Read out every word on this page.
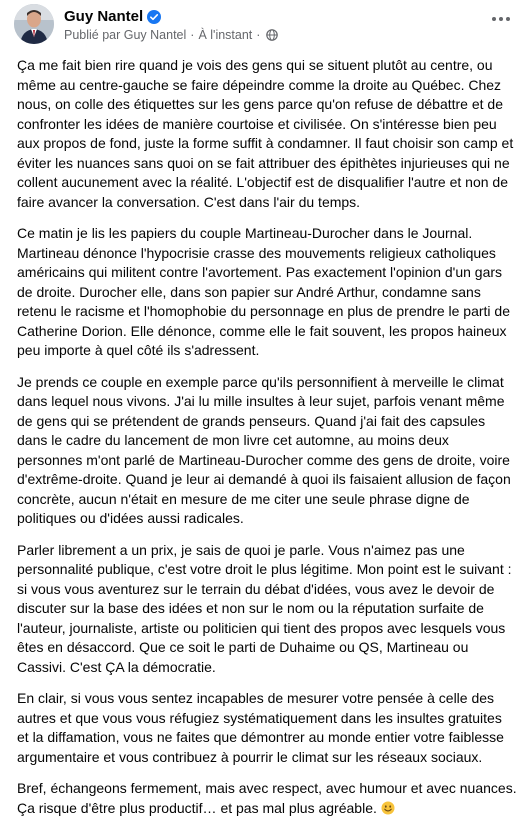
Guy Nantel
Publié par Guy Nantel · À l'instant ·

Ça me fait bien rire quand je vois des gens qui se situent plutôt au centre, ou même au centre-gauche se faire dépeindre comme la droite au Québec. Chez nous, on colle des étiquettes sur les gens parce qu'on refuse de débattre et de confronter les idées de manière courtoise et civilisée. On s'intéresse bien peu aux propos de fond, juste la forme suffit à condamner. Il faut choisir son camp et éviter les nuances sans quoi on se fait attribuer des épithètes injurieuses qui ne collent aucunement avec la réalité. L'objectif est de disqualifier l'autre et non de faire avancer la conversation. C'est dans l'air du temps.

Ce matin je lis les papiers du couple Martineau-Durocher dans le Journal. Martineau dénonce l'hypocrisie crasse des mouvements religieux catholiques américains qui militent contre l'avortement. Pas exactement l'opinion d'un gars de droite. Durocher elle, dans son papier sur André Arthur, condamne sans retenu le racisme et l'homophobie du personnage en plus de prendre le parti de Catherine Dorion. Elle dénonce, comme elle le fait souvent, les propos haineux peu importe à quel côté ils s'adressent.

Je prends ce couple en exemple parce qu'ils personnifient à merveille le climat dans lequel nous vivons. J'ai lu mille insultes à leur sujet, parfois venant même de gens qui se prétendent de grands penseurs. Quand j'ai fait des capsules dans le cadre du lancement de mon livre cet automne, au moins deux personnes m'ont parlé de Martineau-Durocher comme des gens de droite, voire d'extrême-droite. Quand je leur ai demandé à quoi ils faisaient allusion de façon concrète, aucun n'était en mesure de me citer une seule phrase digne de politiques ou d'idées aussi radicales.

Parler librement a un prix, je sais de quoi je parle. Vous n'aimez pas une personnalité publique, c'est votre droit le plus légitime. Mon point est le suivant : si vous vous aventurez sur le terrain du débat d'idées, vous avez le devoir de discuter sur la base des idées et non sur le nom ou la réputation surfaite de l'auteur, journaliste, artiste ou politicien qui tient des propos avec lesquels vous êtes en désaccord. Que ce soit le parti de Duhaime ou QS, Martineau ou Cassivi. C'est ÇA la démocratie.

En clair, si vous vous sentez incapables de mesurer votre pensée à celle des autres et que vous vous réfugiez systématiquement dans les insultes gratuites et la diffamation, vous ne faites que démontrer au monde entier votre faiblesse argumentaire et vous contribuez à pourrir le climat sur les réseaux sociaux.

Bref, échangeons fermement, mais avec respect, avec humour et avec nuances. Ça risque d'être plus productif… et pas mal plus agréable.
